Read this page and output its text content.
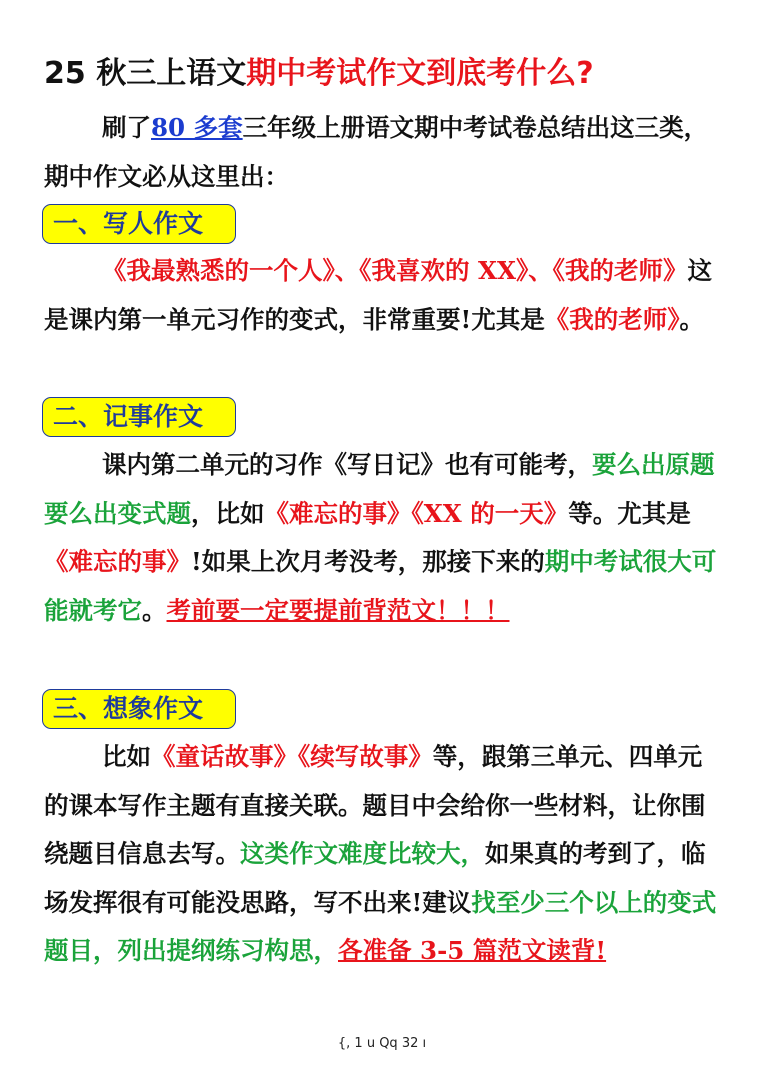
25 秋三上语文期中考试作文到底考什么?
刷了80 多套三年级上册语文期中考试卷总结出这三类，期中作文必从这里出：
一、写人作文
《我最熟悉的一个人》、《我喜欢的 XX》、《我的老师》这是课内第一单元习作的变式，非常重要!尤其是《我的老师》。
二、记事作文
课内第二单元的习作《写日记》也有可能考，要么出原题要么出变式题，比如《难忘的事》《XX 的一天》等。尤其是《难忘的事》!如果上次月考没考，那接下来的期中考试很大可能就考它。考前要一定要提前背范文！！！
三、想象作文
比如《童话故事》《续写故事》等，跟第三单元、四单元的课本写作主题有直接关联。题目中会给你一些材料，让你围绕题目信息去写。这类作文难度比较大，如果真的考到了，临场发挥很有可能没思路，写不出来!建议找至少三个以上的变式题目，列出提纲练习构思，各准备 3-5 篇范文读背!
{, 1 u Qq 32 ı
